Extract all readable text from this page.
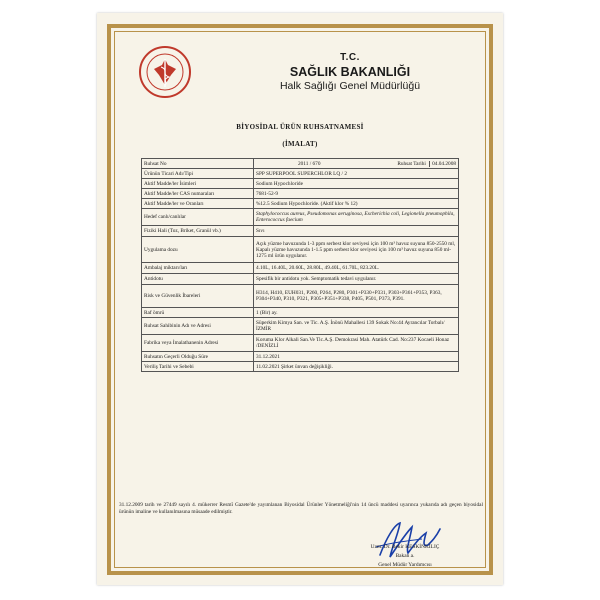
T.C.
SAĞLIK BAKANLIĞI
Halk Sağlığı Genel Müdürlüğü
BİYOSİDAL ÜRÜN RUHSATNAMESİ
(İMALAT)
Ruhsat No	2011 / 670 Ruhsat Tarihi 04.04.2008

Ürünün Ticari Adı/Tipi	SPP SUPERPOOL SUPERCHLOR LQ / 2
Aktif Madde/ler İsimleri	Sodium Hypochloride
Aktif Madde/ler CAS numaraları	7681-52-9
Aktif Madde/ler ve Oranları	%12.5 Sodium Hypochloride. (Aktif klor % 12)
Hedef canlı/canlılar	Staphylococcus aureus, Pseudomonas aeruginosa, Escherichia coli, Legionella pneumophila, Enterococcus faecium
Fiziki Hali (Toz, Briket, Granül vb.)	Sıvı
Uygulama dozu	Açık yüzme havuzunda 1-3 ppm serbest klor seviyesi için 100 m³ havuz suyuna 850-2550 ml, Kapalı yüzme havuzunda 1-1.5 ppm serbest klor seviyesi için 100 m³ havuz suyuna 850 ml-1275 ml ürün uygulanır.
Ambalaj miktarı/ları	4.10L, 16.40L, 20.60L, 28.80L, 49.40L, 61.70L, 823.20L.
Antidotu	Spesifik bir antidotu yok. Semptomatik tedavi uygulanır.
Risk ve Güvenlik İbareleri	H314, H410, EUH031, P260, P264, P280, P301+P330+P331, P303+P361+P353, P363, P304+P340, P310, P321, P305+P351+P338, P405, P501, P373, P391.
Raf ömrü	1 (Bir) ay.
Ruhsat Sahibinin Adı ve Adresi	Süperkim Kimya San. ve Tic. A.Ş. İnönü Mahallesi 139 Sokak No:44 Ayrancılar Torbalı/İZMİR
Fabrika veya İmalathanenin Adresi	Koruma Klor Alkali San.Ve Tic.A.Ş. Demokrasi Mah. Atatürk Cad. No:237 Kocaeli Honaz /DENİZLİ
Ruhsatın Geçerli Olduğu Süre	31.12.2021
Veriliş Tarihi ve Sebebi	11.02.2021 Şirket ünvan değişikliği.
31.12.2009 tarih ve 27449 sayılı 4. mükerrer Resmî Gazete'de yayımlanan Biyosidal Ürünler Yönetmeliği'nin 14 üncü maddesi uyarınca yukarıda adı geçen biyosidal ürünün imaline ve kullanılmasına müsaade edilmiştir.
Uzm. Dr. Bekir KESKİNKILIÇ
Bakan a.
Genel Müdür Yardımcısı
